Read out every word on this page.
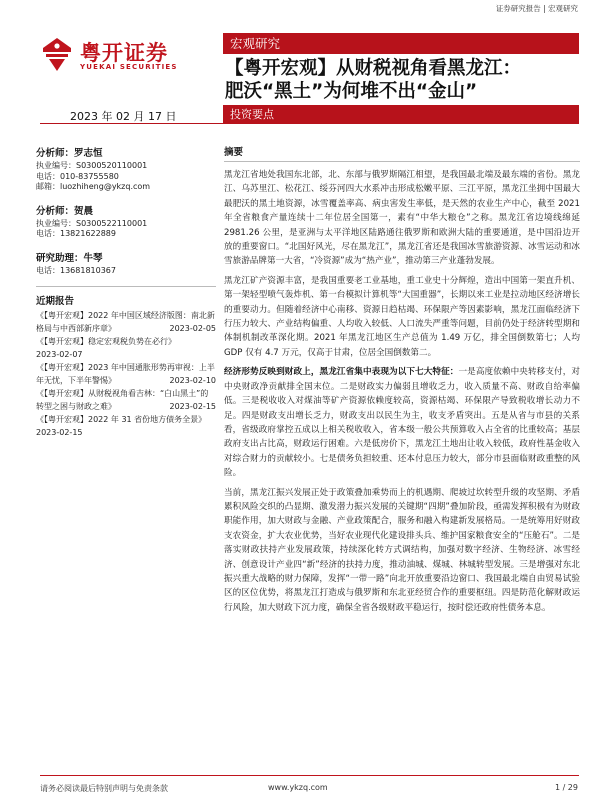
证券研究报告 | 宏观研究
粤开证券
YUEKAI SECURITIES
宏观研究
【粤开宏观】从财税视角看黑龙江：
肥沃“黑土”为何堆不出“金山”
2023 年 02 月 17 日	投资要点
分析师：罗志恒
执业编号：S0300520110001
电话：010-83755580
邮箱：luozhiheng@ykzq.com
分析师：贺晨
执业编号：S0300522110001
电话：13821622889
研究助理：牛琴
电话：13681810367
近期报告
《【粤开宏观】2022 年中国区域经济版图：南北新格局与中西部新序章》	2023-02-05
《【粤开宏观】稳定宏观税负势在必行》
2023-02-07
《【粤开宏观】2023 年中国通胀形势再审视：上半年无忧，下半年警惕》	2023-02-10
《【粤开宏观】从财税视角看吉林：“白山黑土”的转型之困与财政之难》	2023-02-15
《【粤开宏观】2022 年 31 省份地方债务全景》
2023-02-15
摘要
黑龙江省地处我国东北部，北、东部与俄罗斯隔江相望，是我国最北端及最东端的省份。黑龙江、乌苏里江、松花江、绥芬河四大水系冲击形成松嫩平原、三江平原，黑龙江坐拥中国最大最肥沃的黑土地资源，冰雪覆盖率高、病虫害发生率低，是天然的农业生产中心，截至 2021 年全省粮食产量连续十二年位居全国第一，素有“中华大粮仓”之称。黑龙江省边境线绵延 2981.26 公里，是亚洲与太平洋地区陆路通往俄罗斯和欧洲大陆的重要通道，是中国沿边开放的重要窗口。“北国好风光，尽在黑龙江”，黑龙江省还是我国冰雪旅游资源、冰雪运动和冰雪旅游品牌第一大省，“冷资源”成为“热产业”，推动第三产业蓬勃发展。
黑龙江矿产资源丰富，是我国重要老工业基地，重工业史十分辉煌，造出中国第一架直升机、第一架轻型喷气轰炸机、第一台模拟计算机等“大国重器”，长期以来工业是拉动地区经济增长的重要动力。但随着经济中心南移、资源日趋枯竭、环保限产等因素影响，黑龙江面临经济下行压力较大、产业结构偏重、人均收入较低、人口流失严重等问题，目前仍处于经济转型期和体制机制改革深化期。2021 年黑龙江地区生产总值为 1.49 万亿，排全国倒数第七；人均 GDP 仅有 4.7 万元，仅高于甘肃，位居全国倒数第二。
经济形势反映到财政上，黑龙江省集中表现为以下七大特征：一是高度依赖中央转移支付，对中央财政净贡献排全国末位。二是财政实力偏弱且增收乏力，收入质量不高、财政自给率偏低。三是税收收入对煤油等矿产资源依赖度较高，资源枯竭、环保限产导致税收增长动力不足。四是财政支出增长乏力，财政支出以民生为主，收支矛盾突出。五是从省与市县的关系看，省级政府掌控五成以上相关税收收入，省本级一般公共预算收入占全省的比重较高；基层政府支出占比高，财政运行困难。六是低房价下，黑龙江土地出让收入较低，政府性基金收入对综合财力的贡献较小。七是债务负担较重、还本付息压力较大，部分市县面临财政重整的风险。
当前，黑龙江振兴发展正处于政策叠加乘势而上的机遇期、爬坡过坎转型升级的攻坚期、矛盾累积风险交织的凸显期、激发潜力振兴发展的关键期“四期”叠加阶段，亟需发挥积极有为财政职能作用，加大财政与金融、产业政策配合，服务和融入构建新发展格局。一是统筹用好财政支农资金，扩大农业优势，当好农业现代化建设排头兵、维护国家粮食安全的“压舱石”。二是落实财政扶持产业发展政策，持续深化转方式调结构，加强对数字经济、生物经济、冰雪经济、创意设计产业四“新”经济的扶持力度，推动油城、煤城、林城转型发展。三是增强对东北振兴重大战略的财力保障，发挥“一带一路”向北开放重要沿边窗口、我国最北端自由贸易试验区的区位优势，将黑龙江打造成与俄罗斯和东北亚经贸合作的重要枢纽。四是防范化解财政运行风险，加大财政下沉力度，确保全省各级财政平稳运行，按时偿还政府性债务本息。
请务必阅读最后特别声明与免责条款	www.ykzq.com	1 / 29
